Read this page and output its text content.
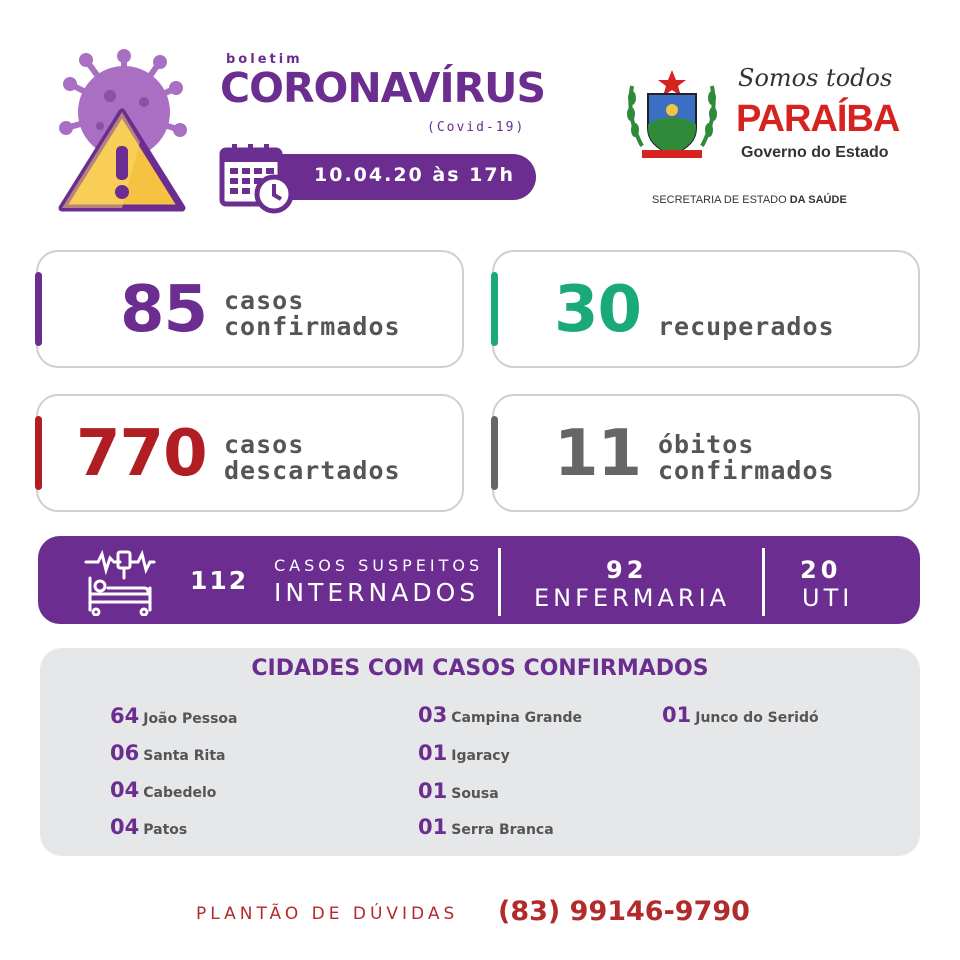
boletim
CORONAVÍRUS
(Covid-19)
10.04.20 às 17h
Somos todos
PARAÍBA
Governo do Estado
SECRETARIA DE ESTADO DA SAÚDE
85 casos
confirmados 30 recuperados
770 casos
descartados 11 óbitos
confirmados
112
CASOS SUSPEITOS
INTERNADOS
92
ENFERMARIA
20
UTI
CIDADES COM CASOS CONFIRMADOS
64 João Pessoa
06 Santa Rita
04 Cabedelo
04 Patos
03 Campina Grande
01 Igaracy
01 Sousa
01 Serra Branca
01 Junco do Seridó
PLANTÃO DE DÚVIDAS (83) 99146-9790
